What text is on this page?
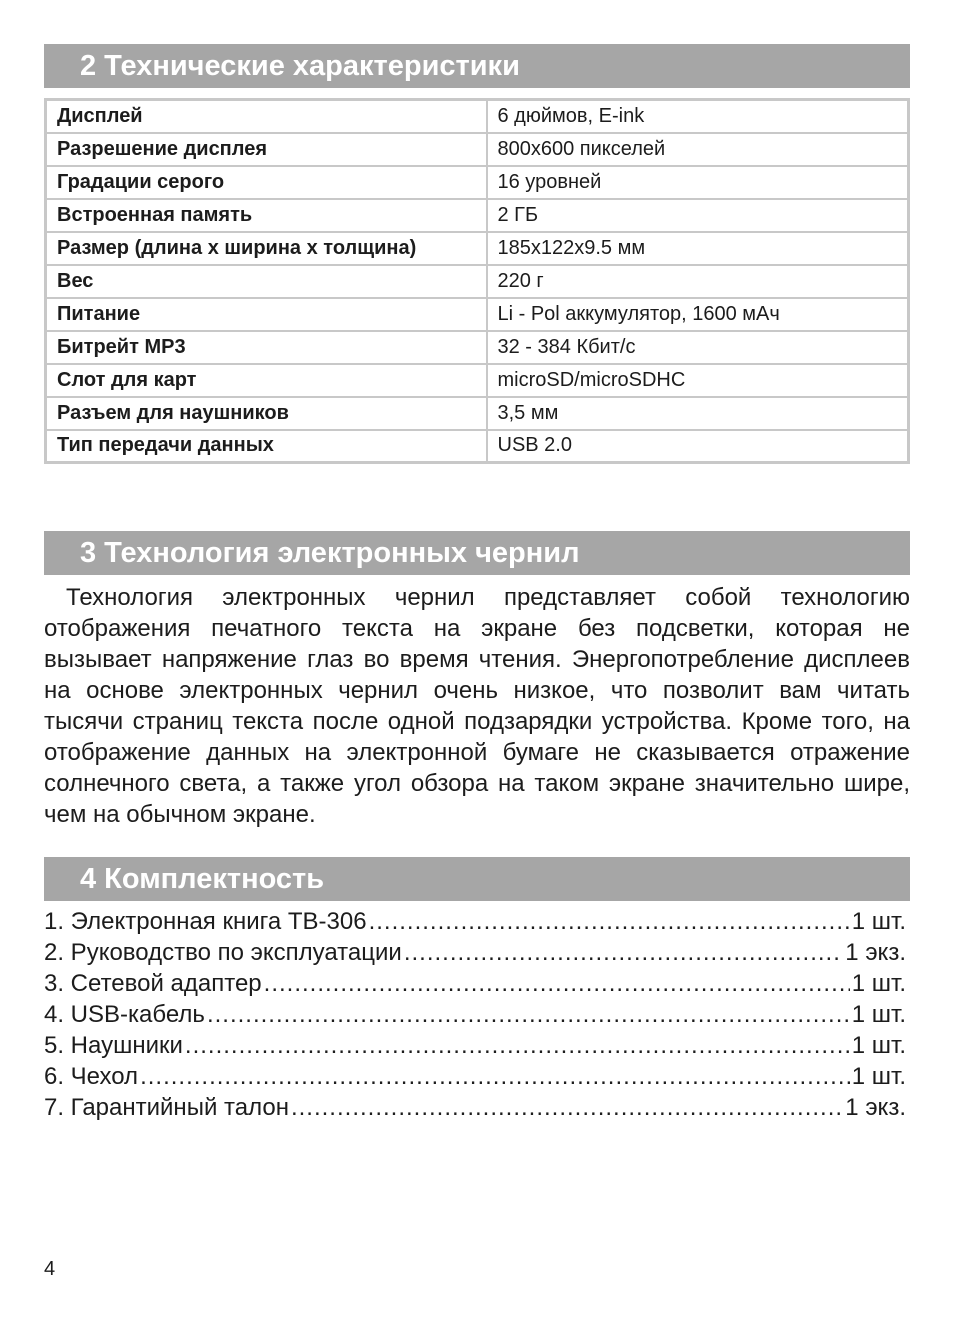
2 Технические характеристики
Дисплей	6 дюймов, E-ink
Разрешение дисплея	800x600 пикселей
Градации серого	16 уровней
Встроенная память	2 ГБ
Размер (длина х ширина х толщина)	185x122x9.5 мм
Вес	220 г
Питание	Li - Pol аккумулятор, 1600 мАч
Битрейт MP3	32 - 384 Кбит/с
Слот для карт	microSD/microSDHC
Разъем для наушников	3,5 мм
Тип передачи данных	USB 2.0
3 Технология электронных чернил

Технология электронных чернил представляет собой технологию отображения печатного текста на экране без подсветки, которая не вызывает напряжение глаз во время чтения. Энергопотребление дисплеев на основе электронных чернил очень низкое, что позволит вам читать тысячи страниц текста после одной подзарядки устройства. Кроме того, на отображение данных на электронной бумаге не сказывается отражение солнечного света, а также угол обзора на таком экране значительно шире, чем на обычном экране.

4 Комплектность
1. Электронная книга TB-306 .....	1 шт.
2. Руководство по эксплуатации .....	1 экз.
3. Сетевой адаптер .....	1 шт.
4. USB-кабель .....	1 шт.
5. Наушники .....	1 шт.
6. Чехол .....	1 шт.
7. Гарантийный талон .....	1 экз.
4
